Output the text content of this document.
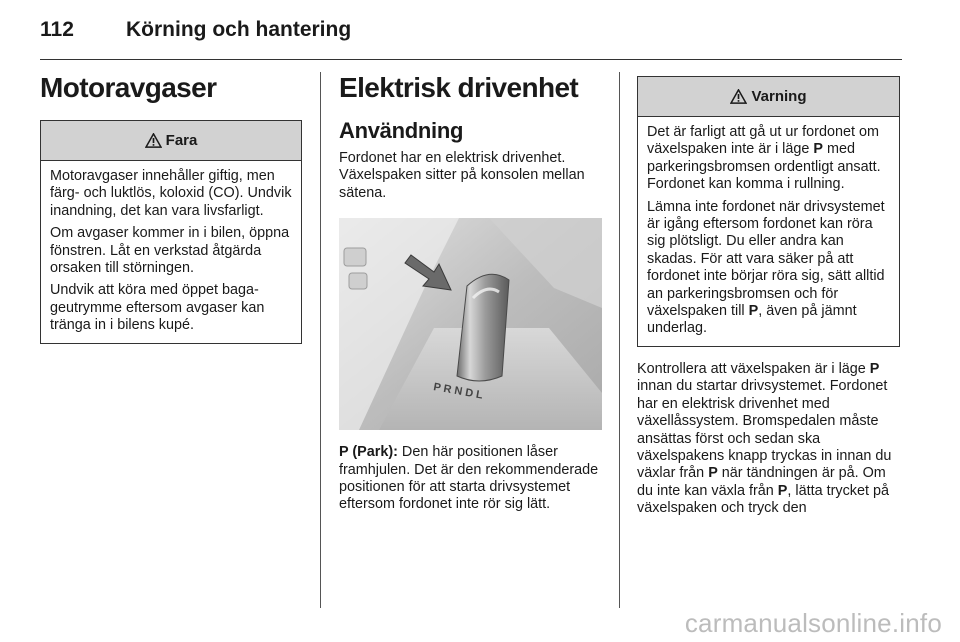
112 Körning och hantering
Motoravgaser
Fara

Motoravgaser innehåller giftig, men färg- och luktlös, koloxid (CO). Undvik inandning, det kan vara livsfarligt.

Om avgaser kommer in i bilen, öppna fönstren. Låt en verkstad åtgärda orsaken till störningen.

Undvik att köra med öppet bagageutrymme eftersom avgaser kan tränga in i bilens kupé.

Elektrisk drivenhet
Användning

Fordonet har en elektrisk drivenhet. Växelspaken sitter på konsolen mellan sätena.

P R N D L

P (Park): Den här positionen låser framhjulen. Det är den rekommenderade positionen för att starta drivsystemet eftersom fordonet inte rör sig lätt.

Varning

Det är farligt att gå ut ur fordonet om växelspaken inte är i läge P med parkeringsbromsen ordentligt ansatt. Fordonet kan komma i rullning.

Lämna inte fordonet när drivsystemet är igång eftersom fordonet kan röra sig plötsligt. Du eller andra kan skadas. För att vara säker på att fordonet inte börjar röra sig, sätt alltid an parkeringsbromsen och för växelspaken till P, även på jämnt underlag.

Kontrollera att växelspaken är i läge P innan du startar drivsystemet. Fordonet har en elektrisk drivenhet med växellåssystem. Bromspedalen måste ansättas först och sedan ska växelspakens knapp tryckas in innan du växlar från P när tändningen är på. Om du inte kan växla från P, lätta trycket på växelspaken och tryck den

carmanualsonline.info
